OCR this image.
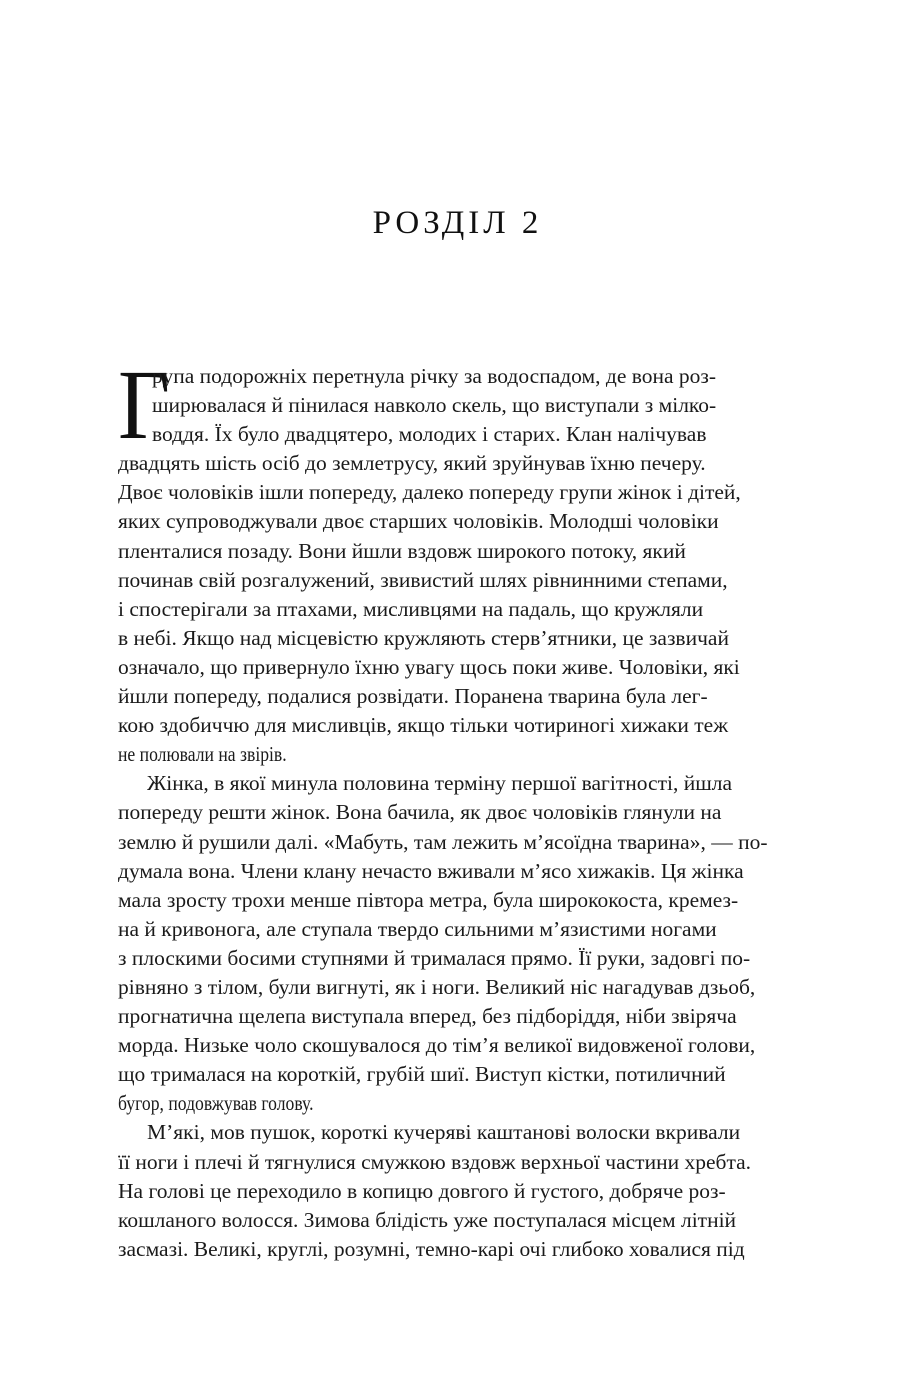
РОЗДІЛ 2
Г
рупа подорожніх перетнула річку за водоспадом, де вона роз-
ширювалася й пінилася навколо скель, що виступали з мілко-
воддя. Їх було двадцятеро, молодих і старих. Клан налічував
двадцять шість осіб до землетрусу, який зруйнував їхню печеру.
Двоє чоловіків ішли попереду, далеко попереду групи жінок і дітей,
яких супроводжували двоє старших чоловіків. Молодші чоловіки
пленталися позаду. Вони йшли вздовж широкого потоку, який
починав свій розгалужений, звивистий шлях рівнинними степами,
і спостерігали за птахами, мисливцями на падаль, що кружляли
в небі. Якщо над місцевістю кружляють стерв’ятники, це зазвичай
означало, що привернуло їхню увагу щось поки живе. Чоловіки, які
йшли попереду, подалися розвідати. Поранена тварина була лег-
кою здобиччю для мисливців, якщо тільки чотириногі хижаки теж
не полювали на звірів.
Жінка, в якої минула половина терміну першої вагітності, йшла
попереду решти жінок. Вона бачила, як двоє чоловіків глянули на
землю й рушили далі. «Мабуть, там лежить м’ясоїдна тварина», — по-
думала вона. Члени клану нечасто вживали м’ясо хижаків. Ця жінка
мала зросту трохи менше півтора метра, була ширококоста, кремез-
на й кривонога, але ступала твердо сильними м’язистими ногами
з плоскими босими ступнями й трималася прямо. Її руки, задовгі по-
рівняно з тілом, були вигнуті, як і ноги. Великий ніс нагадував дзьоб,
прогнатична щелепа виступала вперед, без підборіддя, ніби звіряча
морда. Низьке чоло скошувалося до тім’я великої видовженої голови,
що трималася на короткій, грубій шиї. Виступ кістки, потиличний
бугор, подовжував голову.
М’які, мов пушок, короткі кучеряві каштанові волоски вкривали
її ноги і плечі й тягнулися смужкою вздовж верхньої частини хребта.
На голові це переходило в копицю довгого й густого, добряче роз-
кошланого волосся. Зимова блідість уже поступалася місцем літній
засмазі. Великі, круглі, розумні, темно-карі очі глибоко ховалися під
